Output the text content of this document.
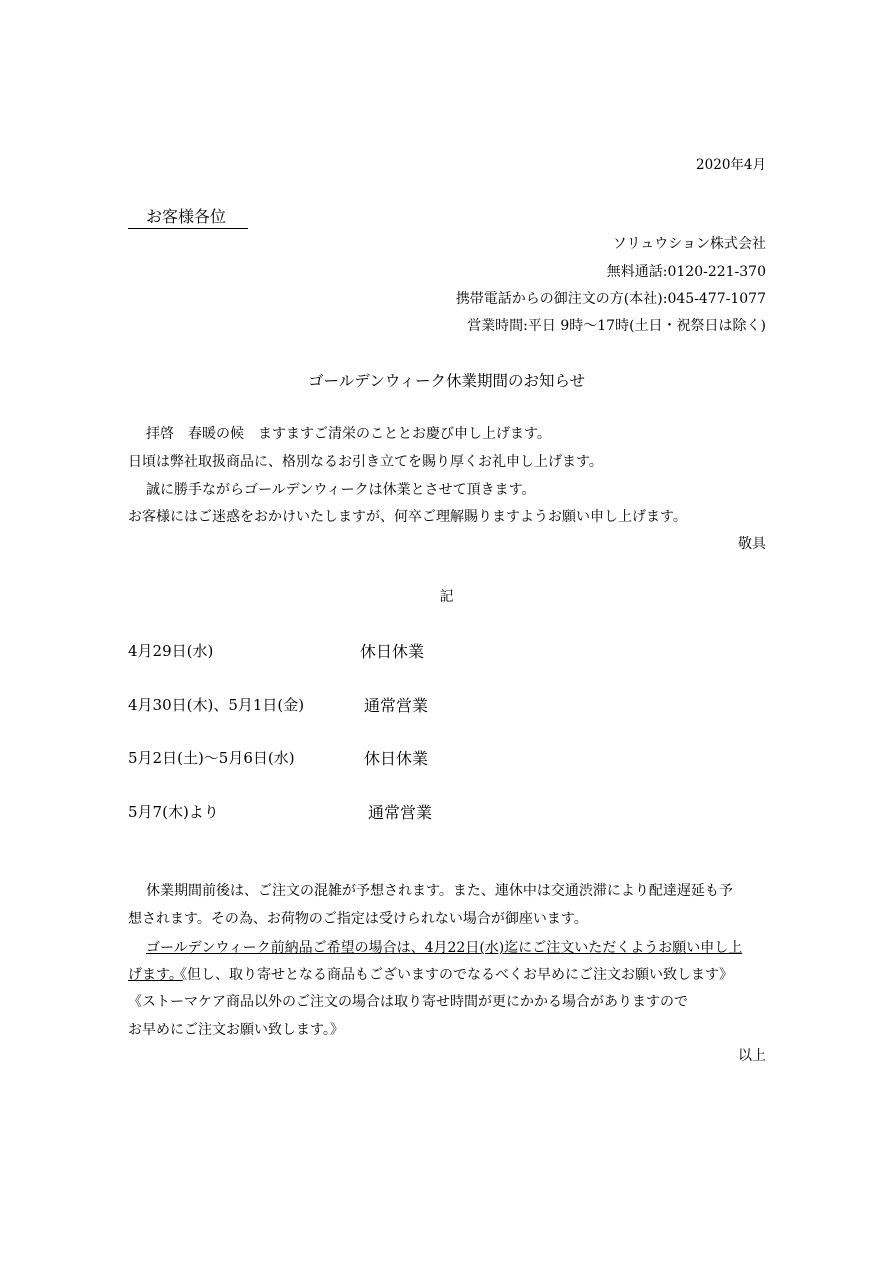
2020年4月
お客様各位
ソリュウション株式会社
無料通話:0120-221-370
携帯電話からの御注文の方(本社):045-477-1077
営業時間:平日 9時〜17時(土日・祝祭日は除く)
ゴールデンウィーク休業期間のお知らせ
拝啓　春暖の候　ますますご清栄のこととお慶び申し上げます。
日頃は弊社取扱商品に、格別なるお引き立てを賜り厚くお礼申し上げます。
誠に勝手ながらゴールデンウィークは休業とさせて頂きます。
お客様にはご迷惑をおかけいたしますが、何卒ご理解賜りますようお願い申し上げます。
敬具
記
4月29日(水)	休日休業
4月30日(木)、5月1日(金)	通常営業
5月2日(土)〜5月6日(水)	休日休業
5月7(木)より	通常営業
休業期間前後は、ご注文の混雑が予想されます。また、連休中は交通渋滞により配達遅延も予
想されます。その為、お荷物のご指定は受けられない場合が御座います。
ゴールデンウィーク前納品ご希望の場合は、4月22日(水)迄にご注文いただくようお願い申し上
げます。
《但し、取り寄せとなる商品もございますのでなるべくお早めにご注文お願い致します》
《ストーマケア商品以外のご注文の場合は取り寄せ時間が更にかかる場合がありますので
お早めにご注文お願い致します。》
以上
